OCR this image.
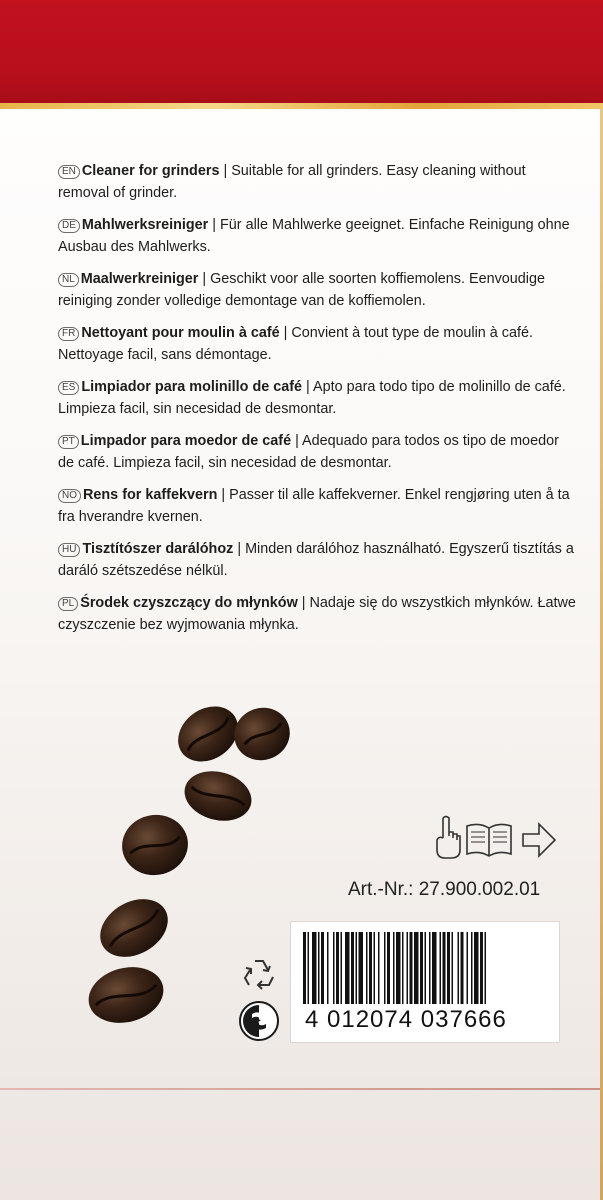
EN Cleaner for grinders | Suitable for all grinders. Easy cleaning without removal of grinder.
DE Mahlwerksreiniger | Für alle Mahlwerke geeignet. Einfache Reinigung ohne Ausbau des Mahlwerks.
NL Maalwerkreiniger | Geschikt voor alle soorten koffiemolens. Eenvoudige reiniging zonder volledige demontage van de koffiemolen.
FR Nettoyant pour moulin à café | Convient à tout type de moulin à café. Nettoyage facil, sans démontage.
ES Limpiador para molinillo de café | Apto para todo tipo de molinillo de café. Limpieza facil, sin necesidad de desmontar.
PT Limpador para moedor de café | Adequado para todos os tipo de moedor de café. Limpieza facil, sin necesidad de desmontar.
NO Rens for kaffekvern | Passer til alle kaffekverner. Enkel rengjøring uten å ta fra hverandre kvernen.
HU Tisztítószer darálóhoz | Minden darálóhoz használható. Egyszerű tisztítás a daráló szétszedése nélkül.
PL Środek czyszczący do młynków | Nadaje się do wszystkich młynków. Łatwe czyszczenie bez wyjmowania młynka.
Art.-Nr.: 27.900.002.01
4 012074 037666
